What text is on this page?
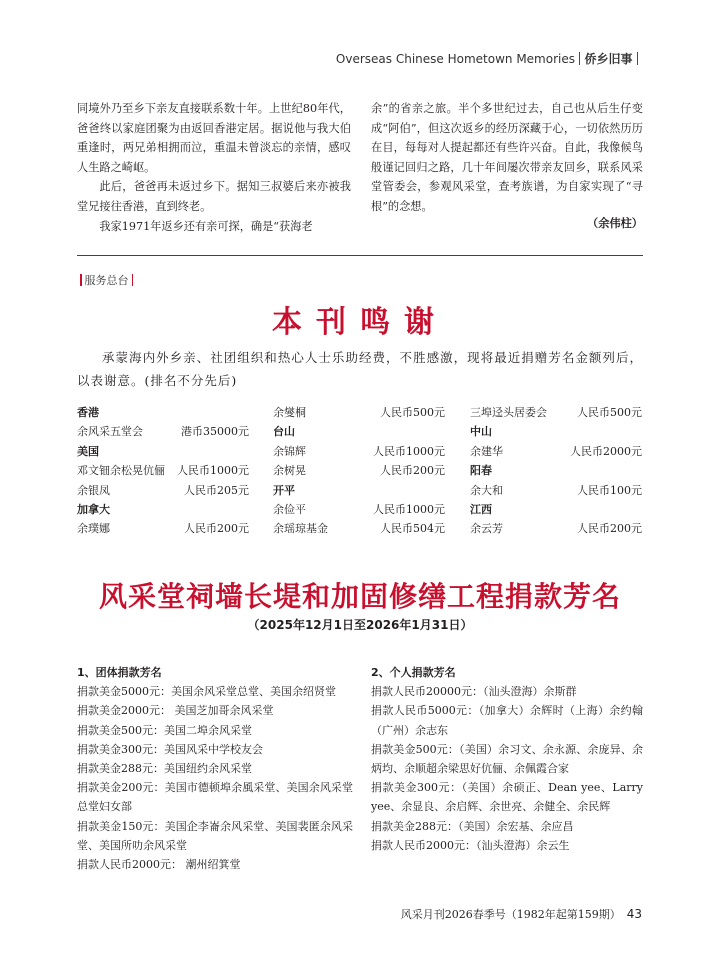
Overseas Chinese Hometown Memories 侨乡旧事

同境外乃至乡下亲友直接联系数十年。上世纪80年代，爸爸终以家庭团聚为由返回香港定居。据说他与我大伯重逢时，两兄弟相拥而泣，重温未曾淡忘的亲情，感叹人生路之崎岖。

此后，爸爸再未返过乡下。据知三叔婆后来亦被我堂兄接往香港，直到终老。

我家1971年返乡还有亲可探，确是“获海老

余”的省亲之旅。半个多世纪过去，自己也从后生仔变成“阿伯”，但这次返乡的经历深藏于心，一切依然历历在目，每每对人提起都还有些许兴奋。自此，我像候鸟般谨记回归之路，几十年间屡次带亲友回乡，联系风采堂管委会，参观风采堂，查考族谱，为自家实现了“寻根”的念想。

（余伟柱）
服务总台
本刊鸣谢
承蒙海内外乡亲、社团组织和热心人士乐助经费，不胜感激，现将最近捐赠芳名金额列后，以表谢意。(排名不分先后)
香港
余风采五堂会	港币35000元
美国
邓文钿余松晃伉俪 人民币1000元
余银凤	人民币205元
加拿大
余璞娜	人民币200元
余燮桐	人民币500元
台山
余锦辉	人民币1000元
余树晃	人民币200元
开平
余俭平	人民币1000元
余瑶琼基金	人民币504元
三埠迳头居委会	人民币500元
中山
余建华	人民币2000元
阳春
余大和	人民币100元
江西
余云芳	人民币200元
风采堂祠墙长堤和加固修缮工程捐款芳名
（2025年12月1日至2026年1月31日）

1、团体捐款芳名

捐款美金5000元：美国余风采堂总堂、美国余绍贤堂

捐款美金2000元： 美国芝加哥余风采堂

捐款美金500元：美国二埠余风采堂

捐款美金300元：美国风采中学校友会

捐款美金288元：美国纽约余风采堂

捐款美金200元：美国市德顿埠余風采堂、美国余风采堂总堂妇女部

捐款美金150元：美国企李崙余风采堂、美国裴匿余风采堂、美国所叻余风采堂

捐款人民币2000元： 潮州绍箕堂

2、个人捐款芳名

捐款人民币20000元：（汕头澄海）余斯群

捐款人民币5000元：（加拿大）余辉时（上海）余约翰（广州）余志东

捐款美金500元：（美国）余习文、余永源、余庞异、余炳均、余顺超余梁思好伉俪、余佩霞合家

捐款美金300元：（美国）余硕正、Dean yee、Larry yee、余显良、余启辉、余世亮、余健全、余民辉

捐款美金288元：（美国）余宏基、余应昌

捐款人民币2000元：（汕头澄海）余云生

风采月刊2026春季号（1982年起第159期） 43
